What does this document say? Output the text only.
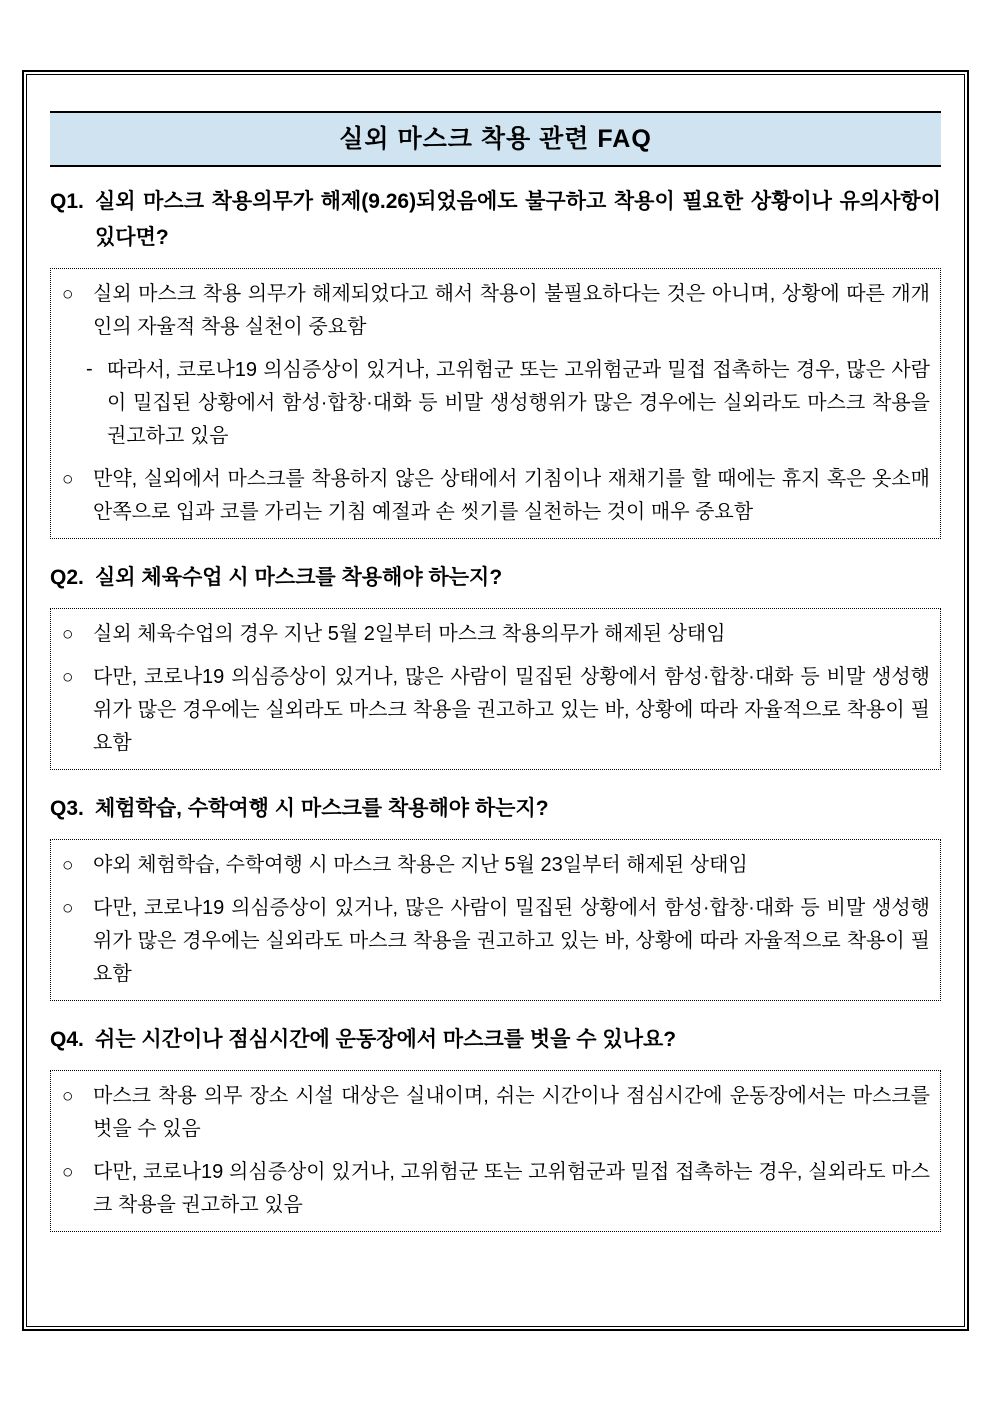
실외 마스크 착용 관련 FAQ
Q1. 실외 마스크 착용의무가 해제(9.26)되었음에도 불구하고 착용이 필요한 상황이나 유의사항이 있다면?

○ 실외 마스크 착용 의무가 해제되었다고 해서 착용이 불필요하다는 것은 아니며, 상황에 따른 개개인의 자율적 착용 실천이 중요함

- 따라서, 코로나19 의심증상이 있거나, 고위험군 또는 고위험군과 밀접 접촉하는 경우, 많은 사람이 밀집된 상황에서 함성·합창·대화 등 비말 생성행위가 많은 경우에는 실외라도 마스크 착용을 권고하고 있음

○ 만약, 실외에서 마스크를 착용하지 않은 상태에서 기침이나 재채기를 할 때에는 휴지 혹은 옷소매 안쪽으로 입과 코를 가리는 기침 예절과 손 씻기를 실천하는 것이 매우 중요함

Q2. 실외 체육수업 시 마스크를 착용해야 하는지?

○ 실외 체육수업의 경우 지난 5월 2일부터 마스크 착용의무가 해제된 상태임

○ 다만, 코로나19 의심증상이 있거나, 많은 사람이 밀집된 상황에서 함성·합창·대화 등 비말 생성행위가 많은 경우에는 실외라도 마스크 착용을 권고하고 있는 바, 상황에 따라 자율적으로 착용이 필요함

Q3. 체험학습, 수학여행 시 마스크를 착용해야 하는지?

○ 야외 체험학습, 수학여행 시 마스크 착용은 지난 5월 23일부터 해제된 상태임

○ 다만, 코로나19 의심증상이 있거나, 많은 사람이 밀집된 상황에서 함성·합창·대화 등 비말 생성행위가 많은 경우에는 실외라도 마스크 착용을 권고하고 있는 바, 상황에 따라 자율적으로 착용이 필요함

Q4. 쉬는 시간이나 점심시간에 운동장에서 마스크를 벗을 수 있나요?

○ 마스크 착용 의무 장소 시설 대상은 실내이며, 쉬는 시간이나 점심시간에 운동장에서는 마스크를 벗을 수 있음

○ 다만, 코로나19 의심증상이 있거나, 고위험군 또는 고위험군과 밀접 접촉하는 경우, 실외라도 마스크 착용을 권고하고 있음
